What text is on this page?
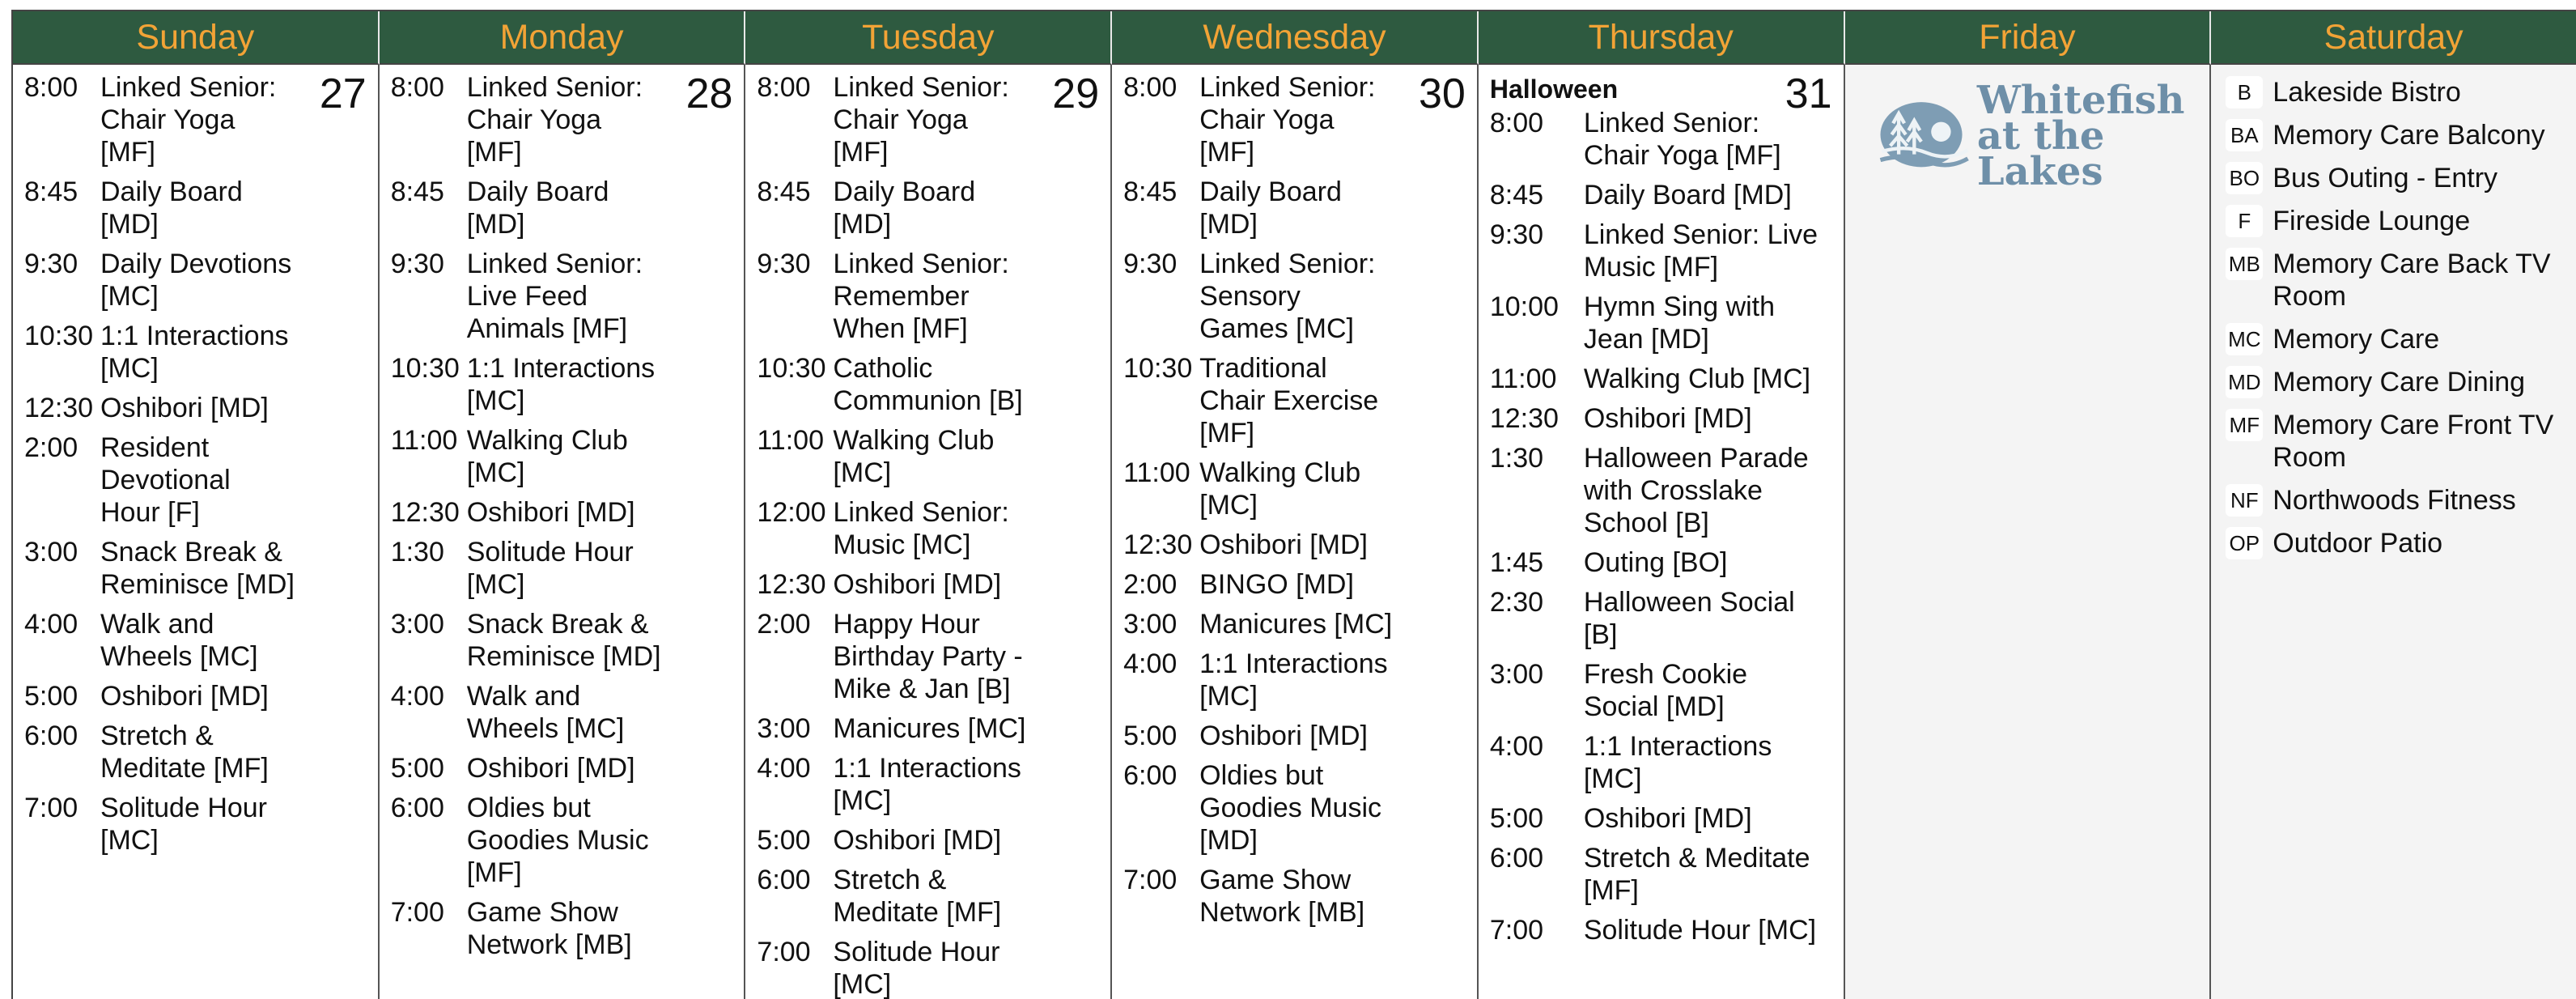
Sunday	Monday	Tuesday	Wednesday	Thursday	Friday	Saturday
27
8:00 Linked Senior: Chair Yoga [MF]
8:45 Daily Board [MD]
9:30 Daily Devotions [MC]
10:30 1:1 Interactions [MC]
12:30 Oshibori [MD]
2:00 Resident Devotional Hour [F]
3:00 Snack Break & Reminisce [MD]
4:00 Walk and Wheels [MC]
5:00 Oshibori [MD]
6:00 Stretch & Meditate [MF]
7:00 Solitude Hour [MC]
28
8:00 Linked Senior: Chair Yoga [MF]
8:45 Daily Board [MD]
9:30 Linked Senior: Live Feed Animals [MF]
10:30 1:1 Interactions [MC]
11:00 Walking Club [MC]
12:30 Oshibori [MD]
1:30 Solitude Hour [MC]
3:00 Snack Break & Reminisce [MD]
4:00 Walk and Wheels [MC]
5:00 Oshibori [MD]
6:00 Oldies but Goodies Music [MF]
7:00 Game Show Network [MB]
29
8:00 Linked Senior: Chair Yoga [MF]
8:45 Daily Board [MD]
9:30 Linked Senior: Remember When [MF]
10:30 Catholic Communion [B]
11:00 Walking Club [MC]
12:00 Linked Senior: Music [MC]
12:30 Oshibori [MD]
2:00 Happy Hour Birthday Party - Mike & Jan [B]
3:00 Manicures [MC]
4:00 1:1 Interactions [MC]
5:00 Oshibori [MD]
6:00 Stretch & Meditate [MF]
7:00 Solitude Hour [MC]
30
8:00 Linked Senior: Chair Yoga [MF]
8:45 Daily Board [MD]
9:30 Linked Senior: Sensory Games [MC]
10:30 Traditional Chair Exercise [MF]
11:00 Walking Club [MC]
12:30 Oshibori [MD]
2:00 BINGO [MD]
3:00 Manicures [MC]
4:00 1:1 Interactions [MC]
5:00 Oshibori [MD]
6:00 Oldies but Goodies Music [MD]
7:00 Game Show Network [MB]
31
Halloween
8:00	Linked Senior: Chair Yoga [MF]
8:45	Daily Board [MD]
9:30	Linked Senior: Live Music [MF]
10:00 Hymn Sing with Jean [MD]
11:00 Walking Club [MC]
12:30 Oshibori [MD]
1:30	Halloween Parade with Crosslake School [B]
1:45	Outing [BO]
2:30	Halloween Social [B]
3:00	Fresh Cookie Social [MD]
4:00	1:1 Interactions [MC]
5:00	Oshibori [MD]
6:00	Stretch & Meditate [MF]
7:00	Solitude Hour [MC]
Whitefish
at the Lakes
B Lakeside Bistro
BA Memory Care Balcony
BO Bus Outing - Entry
F Fireside Lounge
MB Memory Care Back TV Room
MC Memory Care
MD Memory Care Dining
MF Memory Care Front TV Room
NF Northwoods Fitness
OP Outdoor Patio
